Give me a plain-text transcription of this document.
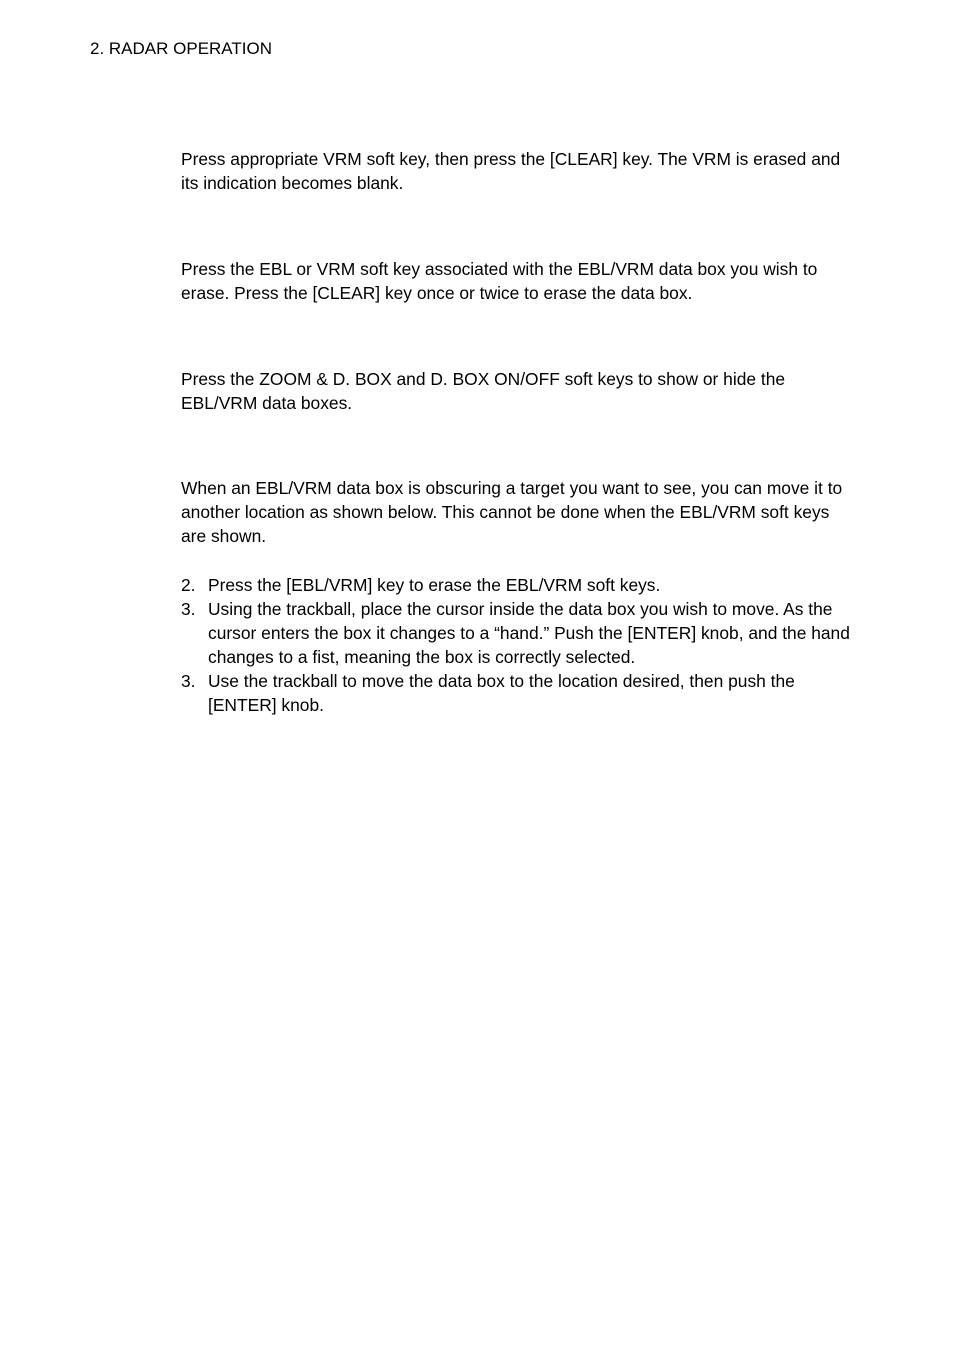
2. RADAR OPERATION

Press appropriate VRM soft key, then press the [CLEAR] key. The VRM is erased and its indication becomes blank.

Press the EBL or VRM soft key associated with the EBL/VRM data box you wish to erase. Press the [CLEAR] key once or twice to erase the data box.

Press the ZOOM & D. BOX and D. BOX ON/OFF soft keys to show or hide the EBL/VRM data boxes.

When an EBL/VRM data box is obscuring a target you want to see, you can move it to another location as shown below. This cannot be done when the EBL/VRM soft keys are shown.

2. Press the [EBL/VRM] key to erase the EBL/VRM soft keys.
3. Using the trackball, place the cursor inside the data box you wish to move. As the cursor enters the box it changes to a “hand.” Push the [ENTER] knob, and the hand changes to a fist, meaning the box is correctly selected.
3. Use the trackball to move the data box to the location desired, then push the [ENTER] knob.
